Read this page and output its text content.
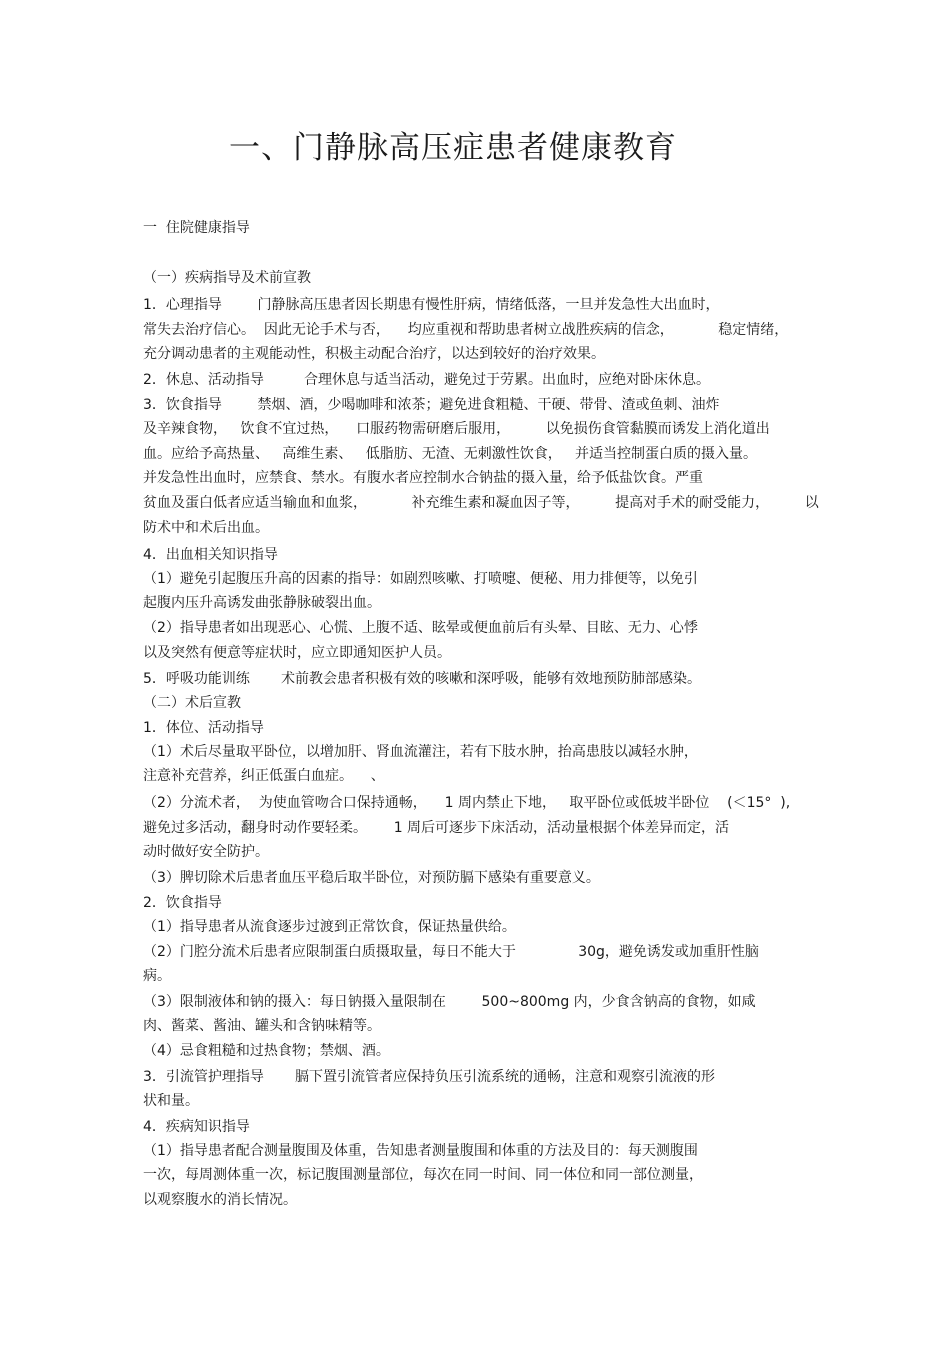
一、门静脉高压症患者健康教育

一  住院健康指导

（一）疾病指导及术前宣教

1．心理指导        门静脉高压患者因长期患有慢性肝病，情绪低落，一旦并发急性大出血时，

常失去治疗信心。  因此无论手术与否，    均应重视和帮助患者树立战胜疾病的信念，          稳定情绪，

充分调动患者的主观能动性，积极主动配合治疗，以达到较好的治疗效果。

2．休息、活动指导         合理休息与适当活动，避免过于劳累。出血时，应绝对卧床休息。

3．饮食指导        禁烟、酒，少喝咖啡和浓茶；避免进食粗糙、干硬、带骨、渣或鱼刺、油炸

及辛辣食物，   饮食不宜过热，    口服药物需研磨后服用，        以免损伤食管黏膜而诱发上消化道出

血。应给予高热量、   高维生素、   低脂肪、无渣、无刺激性饮食，   并适当控制蛋白质的摄入量。

并发急性出血时，应禁食、禁水。有腹水者应控制水合钠盐的摄入量，给予低盐饮食。严重

贫血及蛋白低者应适当输血和血浆，          补充维生素和凝血因子等，        提高对手术的耐受能力，        以

防术中和术后出血。

4．出血相关知识指导

（1）避免引起腹压升高的因素的指导：如剧烈咳嗽、打喷嚏、便秘、用力排便等，以免引

起腹内压升高诱发曲张静脉破裂出血。

（2）指导患者如出现恶心、心慌、上腹不适、眩晕或便血前后有头晕、目眩、无力、心悸

以及突然有便意等症状时，应立即通知医护人员。

5．呼吸功能训练       术前教会患者积极有效的咳嗽和深呼吸，能够有效地预防肺部感染。

（二）术后宣教

1．体位、活动指导

（1）术后尽量取平卧位，以增加肝、肾血流灌注，若有下肢水肿，抬高患肢以减轻水肿，

注意补充营养，纠正低蛋白血症。    、

（2）分流术者，  为使血管吻合口保持通畅，    1 周内禁止下地，   取平卧位或低坡半卧位    (＜15°  ),

避免过多活动，翻身时动作要轻柔。      1 周后可逐步下床活动，活动量根据个体差异而定，活

动时做好安全防护。

（3）脾切除术后患者血压平稳后取半卧位，对预防膈下感染有重要意义。

2．饮食指导

（1）指导患者从流食逐步过渡到正常饮食，保证热量供给。

（2）门腔分流术后患者应限制蛋白质摄取量，每日不能大于              30g，避免诱发或加重肝性脑

病。

（3）限制液体和钠的摄入：每日钠摄入量限制在        500~800mg 内，少食含钠高的食物，如咸

肉、酱菜、酱油、罐头和含钠味精等。

（4）忌食粗糙和过热食物；禁烟、酒。

3．引流管护理指导       膈下置引流管者应保持负压引流系统的通畅，注意和观察引流液的形

状和量。

4．疾病知识指导

（1）指导患者配合测量腹围及体重，告知患者测量腹围和体重的方法及目的：每天测腹围

一次，每周测体重一次，标记腹围测量部位，每次在同一时间、同一体位和同一部位测量，

以观察腹水的消长情况。
